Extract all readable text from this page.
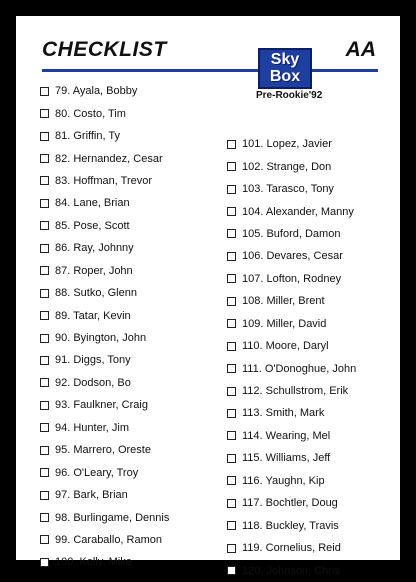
CHECKLIST	AA
Sky
Box
Pre-Rookie'92
79. Ayala, Bobby
80. Costo, Tim
81. Griffin, Ty
82. Hernandez, Cesar
83. Hoffman, Trevor
84. Lane, Brian
85. Pose, Scott
86. Ray, Johnny
87. Roper, John
88. Sutko, Glenn
89. Tatar, Kevin
90. Byington, John
91. Diggs, Tony
92. Dodson, Bo
93. Faulkner, Craig
94. Hunter, Jim
95. Marrero, Oreste
96. O'Leary, Troy
97. Bark, Brian
98. Burlingame, Dennis
99. Caraballo, Ramon
100. Kelly, Mike
101. Lopez, Javier
102. Strange, Don
103. Tarasco, Tony
104. Alexander, Manny
105. Buford, Damon
106. Devares, Cesar
107. Lofton, Rodney
108. Miller, Brent
109. Miller, David
110. Moore, Daryl
111. O'Donoghue, John
112. Schullstrom, Erik
113. Smith, Mark
114. Wearing, Mel
115. Williams, Jeff
116. Yaughn, Kip
117. Bochtler, Doug
118. Buckley, Travis
119. Cornelius, Reid
120. Johnson, Chris
